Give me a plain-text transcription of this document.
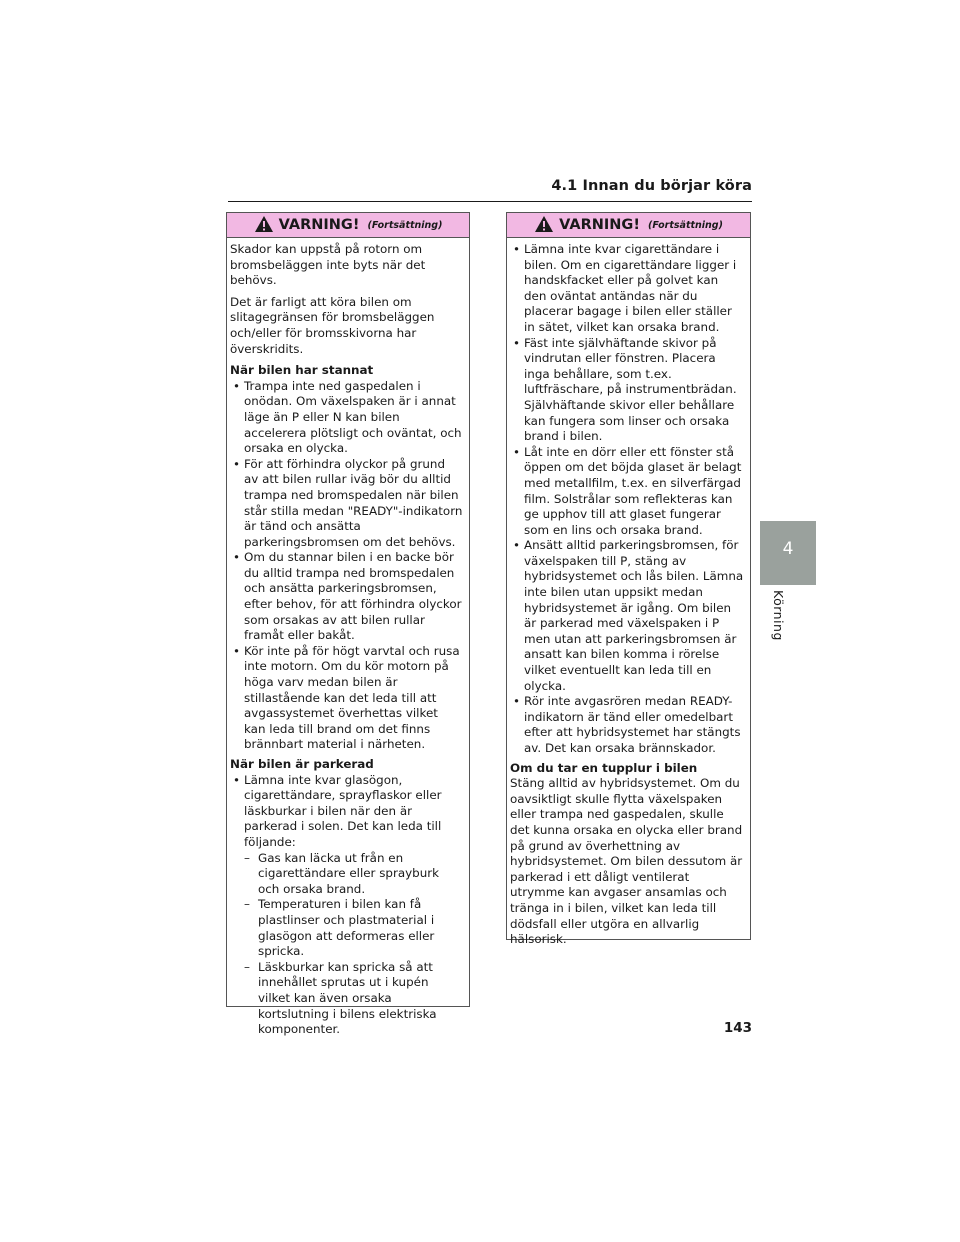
4.1 Innan du börjar köra
4
Körning
VARNING! (Fortsättning)

Skador kan uppstå på rotorn om bromsbeläggen inte byts när det behövs.

Det är farligt att köra bilen om slitagegränsen för bromsbeläggen och/eller för bromsskivorna har överskridits.

När bilen har stannat
• Trampa inte ned gaspedalen i onödan. Om växelspaken är i annat läge än P eller N kan bilen accelerera plötsligt och oväntat, och orsaka en olycka.
• För att förhindra olyckor på grund av att bilen rullar iväg bör du alltid trampa ned bromspedalen när bilen står stilla medan "READY"-indikatorn är tänd och ansätta parkeringsbromsen om det behövs.
• Om du stannar bilen i en backe bör du alltid trampa ned bromspedalen och ansätta parkeringsbromsen, efter behov, för att förhindra olyckor som orsakas av att bilen rullar framåt eller bakåt.
• Kör inte på för högt varvtal och rusa inte motorn. Om du kör motorn på höga varv medan bilen är stillastående kan det leda till att avgassystemet överhettas vilket kan leda till brand om det finns brännbart material i närheten.
När bilen är parkerad
• Lämna inte kvar glasögon, cigarettändare, sprayflaskor eller läskburkar i bilen när den är parkerad i solen. Det kan leda till följande:
– Gas kan läcka ut från en cigarettändare eller sprayburk och orsaka brand.
– Temperaturen i bilen kan få plastlinser och plastmaterial i glasögon att deformeras eller spricka.
– Läskburkar kan spricka så att innehållet sprutas ut i kupén vilket kan även orsaka kortslutning i bilens elektriska komponenter.
VARNING! (Fortsättning)
• Lämna inte kvar cigarettändare i bilen. Om en cigarettändare ligger i handskfacket eller på golvet kan den oväntat antändas när du placerar bagage i bilen eller ställer in sätet, vilket kan orsaka brand.
• Fäst inte självhäftande skivor på vindrutan eller fönstren. Placera inga behållare, som t.ex. luftfräschare, på instrumentbrädan. Självhäftande skivor eller behållare kan fungera som linser och orsaka brand i bilen.
• Låt inte en dörr eller ett fönster stå öppen om det böjda glaset är belagt med metallfilm, t.ex. en silverfärgad film. Solstrålar som reflekteras kan ge upphov till att glaset fungerar som en lins och orsaka brand.
• Ansätt alltid parkeringsbromsen, för växelspaken till P, stäng av hybridsystemet och lås bilen. Lämna inte bilen utan uppsikt medan hybridsystemet är igång. Om bilen är parkerad med växelspaken i P men utan att parkeringsbromsen är ansatt kan bilen komma i rörelse vilket eventuellt kan leda till en olycka.
• Rör inte avgasrören medan READY-indikatorn är tänd eller omedelbart efter att hybridsystemet har stängts av. Det kan orsaka brännskador.
Om du tar en tupplur i bilen

Stäng alltid av hybridsystemet. Om du oavsiktligt skulle flytta växelspaken eller trampa ned gaspedalen, skulle det kunna orsaka en olycka eller brand på grund av överhettning av hybridsystemet. Om bilen dessutom är parkerad i ett dåligt ventilerat utrymme kan avgaser ansamlas och tränga in i bilen, vilket kan leda till dödsfall eller utgöra en allvarlig hälsorisk.

143
